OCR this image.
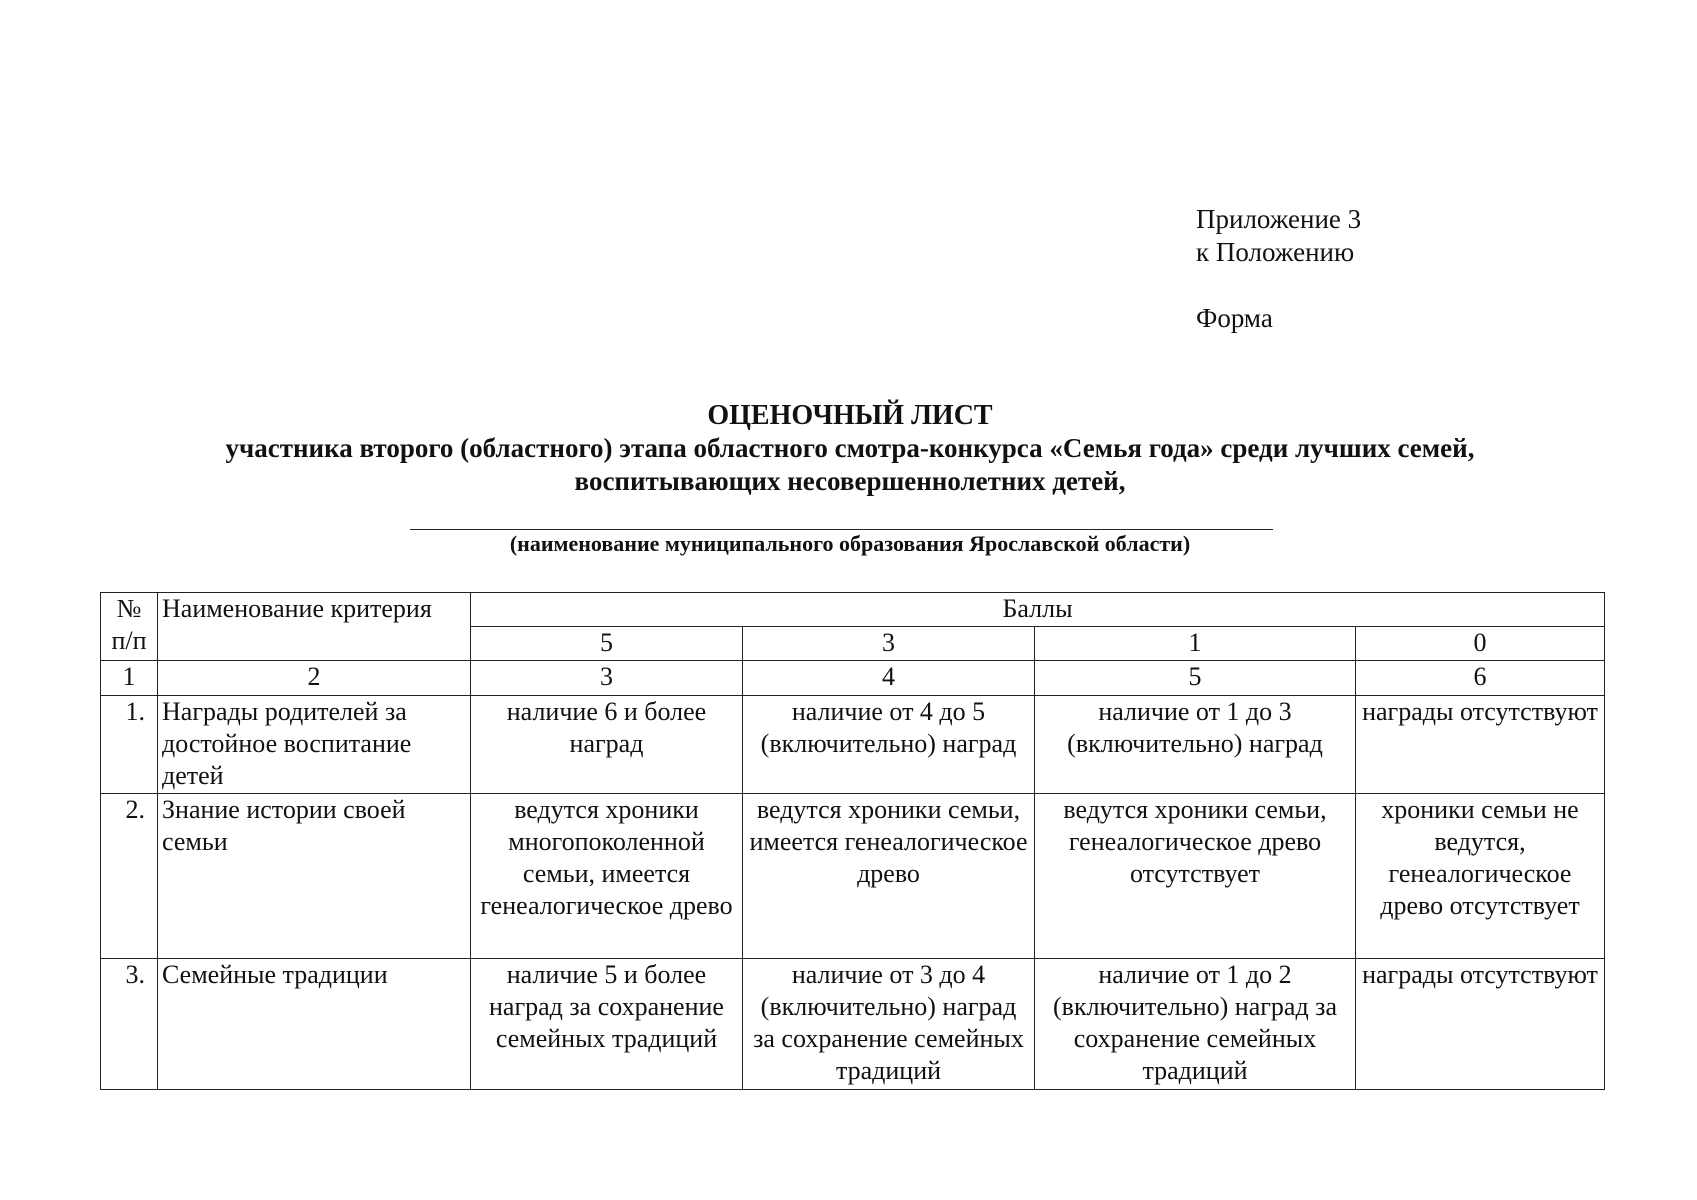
Приложение 3
к Положению
Форма
ОЦЕНОЧНЫЙ ЛИСТ
участника второго (областного) этапа областного смотра-конкурса «Семья года» среди лучших семей,
воспитывающих несовершеннолетних детей,
(наименование муниципального образования Ярославской области)
№ п/п	Наименование критерия	Баллы			
		5	3	1	0
1	2	3	4	5	6
1.	Награды родителей за достойное воспитание детей	наличие 6 и более наград	наличие от 4 до 5 (включительно) наград	наличие от 1 до 3 (включительно) наград	награды отсутствуют
2.	Знание истории своей семьи	ведутся хроники многопоколенной семьи, имеется генеалогическое древо	ведутся хроники семьи, имеется генеалогическое древо	ведутся хроники семьи, генеалогическое древо отсутствует	хроники семьи не ведутся, генеалогическое древо отсутствует
3.	Семейные традиции	наличие 5 и более наград за сохранение семейных традиций	наличие от 3 до 4 (включительно) наград за сохранение семейных традиций	наличие от 1 до 2 (включительно) наград за сохранение семейных традиций	награды отсутствуют
